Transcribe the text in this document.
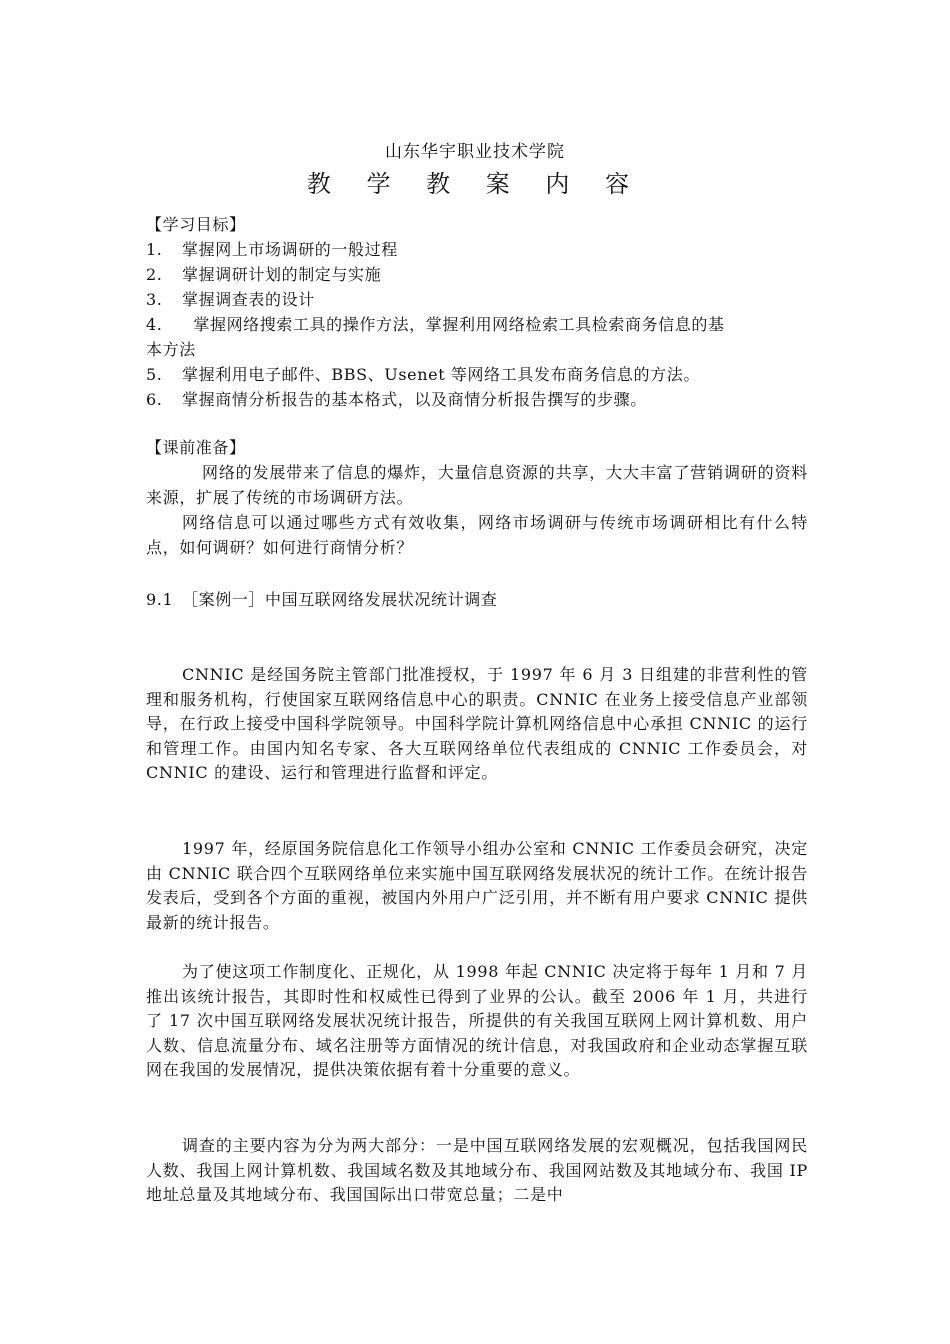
山东华宇职业技术学院
教 学 教 案 内 容
【学习目标】
1. 掌握网上市场调研的一般过程
2. 掌握调研计划的制定与实施
3. 掌握调查表的设计
4.  掌握网络搜索工具的操作方法，掌握利用网络检索工具检索商务信息的基
本方法
5. 掌握利用电子邮件、BBS、Usenet 等网络工具发布商务信息的方法。
6. 掌握商情分析报告的基本格式，以及商情分析报告撰写的步骤。
【课前准备】
网络的发展带来了信息的爆炸，大量信息资源的共享，大大丰富了营销调研的资料来源，扩展了传统的市场调研方法。
网络信息可以通过哪些方式有效收集，网络市场调研与传统市场调研相比有什么特点，如何调研？如何进行商情分析？
9.1 ［案例一］中国互联网络发展状况统计调查
CNNIC 是经国务院主管部门批准授权，于 1997 年 6 月 3 日组建的非营利性的管理和服务机构，行使国家互联网络信息中心的职责。CNNIC 在业务上接受信息产业部领导，在行政上接受中国科学院领导。中国科学院计算机网络信息中心承担 CNNIC 的运行和管理工作。由国内知名专家、各大互联网络单位代表组成的 CNNIC 工作委员会，对 CNNIC 的建设、运行和管理进行监督和评定。
1997 年，经原国务院信息化工作领导小组办公室和 CNNIC 工作委员会研究，决定由 CNNIC 联合四个互联网络单位来实施中国互联网络发展状况的统计工作。在统计报告发表后，受到各个方面的重视，被国内外用户广泛引用，并不断有用户要求 CNNIC 提供最新的统计报告。
为了使这项工作制度化、正规化，从 1998 年起 CNNIC 决定将于每年 1 月和 7 月推出该统计报告，其即时性和权威性已得到了业界的公认。截至 2006 年 1 月，共进行了 17 次中国互联网络发展状况统计报告，所提供的有关我国互联网上网计算机数、用户人数、信息流量分布、域名注册等方面情况的统计信息，对我国政府和企业动态掌握互联网在我国的发展情况，提供决策依据有着十分重要的意义。
调查的主要内容为分为两大部分：一是中国互联网络发展的宏观概况，包括我国网民人数、我国上网计算机数、我国域名数及其地域分布、我国网站数及其地域分布、我国 IP 地址总量及其地域分布、我国国际出口带宽总量；二是中
